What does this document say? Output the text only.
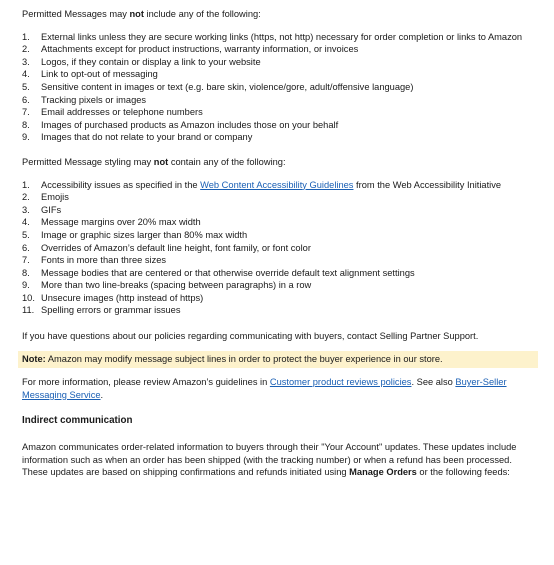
Permitted Messages may not include any of the following:

1.	External links unless they are secure working links (https, not http) necessary for order completion or links to Amazon
2.	Attachments except for product instructions, warranty information, or invoices
3.	Logos, if they contain or display a link to your website
4.	Link to opt-out of messaging
5.	Sensitive content in images or text (e.g. bare skin, violence/gore, adult/offensive language)
6.	Tracking pixels or images
7.	Email addresses or telephone numbers
8.	Images of purchased products as Amazon includes those on your behalf
9.	Images that do not relate to your brand or company

Permitted Message styling may not contain any of the following:

1.	Accessibility issues as specified in the Web Content Accessibility Guidelines from the Web Accessibility Initiative
2.	Emojis
3.	GIFs
4.	Message margins over 20% max width
5.	Image or graphic sizes larger than 80% max width
6.	Overrides of Amazon’s default line height, font family, or font color
7.	Fonts in more than three sizes
8.	Message bodies that are centered or that otherwise override default text alignment settings
9.	More than two line-breaks (spacing between paragraphs) in a row
10. Unsecure images (http instead of https)
11. Spelling errors or grammar issues

If you have questions about our policies regarding communicating with buyers, contact Selling Partner Support.

Note: Amazon may modify message subject lines in order to protect the buyer experience in our store.

For more information, please review Amazon’s guidelines in Customer product reviews policies. See also Buyer-Seller Messaging Service.

Indirect communication

Amazon communicates order-related information to buyers through their "Your Account" updates. These updates include information such as when an order has been shipped (with the tracking number) or when a refund has been processed. These updates are based on shipping confirmations and refunds initiated using Manage Orders or the following feeds:
